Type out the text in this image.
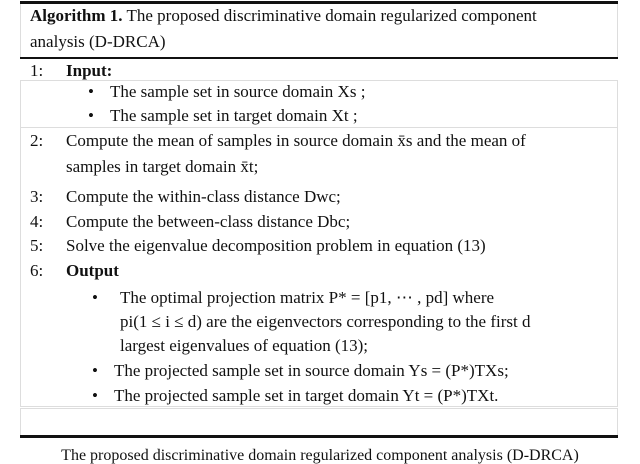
Algorithm 1. The proposed discriminative domain regularized component
analysis (D-DRCA)
1: Input:
• The sample set in source domain Xs ;
• The sample set in target domain Xt ;
2: Compute the mean of samples in source domain x̄s and the mean of
samples in target domain x̄t;
3: Compute the within-class distance Dwc;
4: Compute the between-class distance Dbc;
5: Solve the eigenvalue decomposition problem in equation (13)
6: Output
• The optimal projection matrix P* = [p1, ⋯ , pd] where
pi(1 ≤ i ≤ d) are the eigenvectors corresponding to the first d
largest eigenvalues of equation (13);
• The projected sample set in source domain Ys = (P*)TXs;
• The projected sample set in target domain Yt = (P*)TXt.
The proposed discriminative domain regularized component analysis (D-DRCA)
